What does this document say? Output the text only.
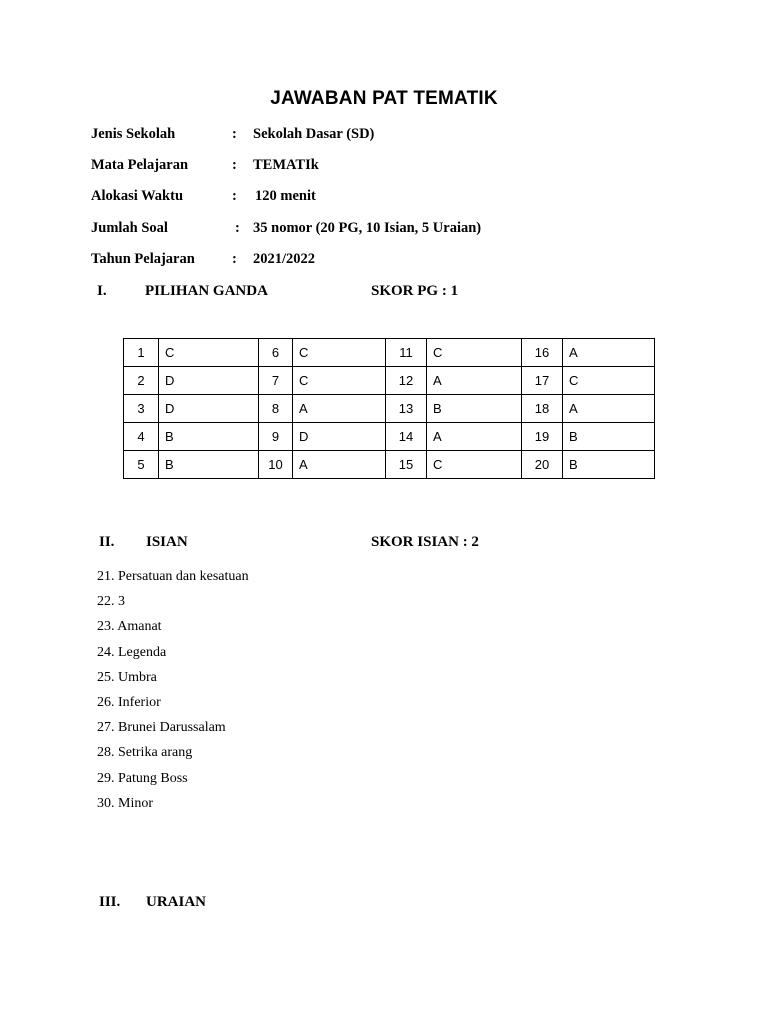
JAWABAN PAT TEMATIK
Jenis Sekolah	: Sekolah Dasar (SD)
Mata Pelajaran	: TEMATIk
Alokasi Waktu	: 120 menit
Jumlah Soal	: 35 nomor (20 PG, 10 Isian, 5 Uraian)
Tahun Pelajaran	: 2021/2022
I.	PILIHAN GANDA	SKOR PG : 1
1	C	6	C	11	C	16	A
2	D	7	C	12	A	17	C
3	D	8	A	13	B	18	A
4	B	9	D	14	A	19	B
5	B	10	A	15	C	20	B
II. ISIAN	SKOR ISIAN : 2
21. Persatuan dan kesatuan
22. 3
23. Amanat
24. Legenda
25. Umbra
26. Inferior
27. Brunei Darussalam
28. Setrika arang
29. Patung Boss
30. Minor
III. URAIAN
